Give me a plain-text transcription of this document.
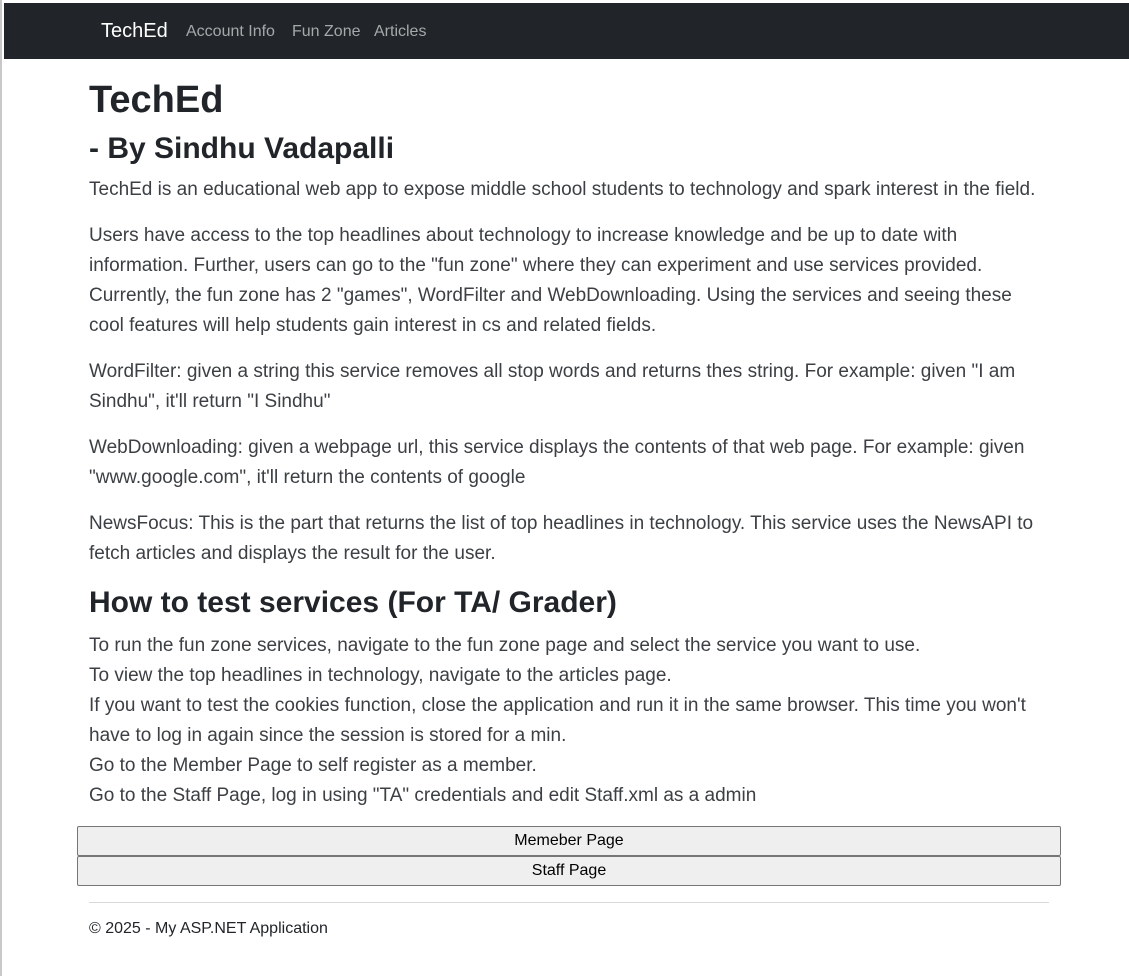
TechEd Account Info Fun Zone Articles
TechEd
- By Sindhu Vadapalli

TechEd is an educational web app to expose middle school students to technology and spark interest in the field.

Users have access to the top headlines about technology to increase knowledge and be up to date with information. Further, users can go to the "fun zone" where they can experiment and use services provided. Currently, the fun zone has 2 "games", WordFilter and WebDownloading. Using the services and seeing these cool features will help students gain interest in cs and related fields.

WordFilter: given a string this service removes all stop words and returns thes string. For example: given "I am Sindhu", it'll return "I Sindhu"

WebDownloading: given a webpage url, this service displays the contents of that web page. For example: given "www.google.com", it'll return the contents of google

NewsFocus: This is the part that returns the list of top headlines in technology. This service uses the NewsAPI to fetch articles and displays the result for the user.

How to test services (For TA/ Grader)
To run the fun zone services, navigate to the fun zone page and select the service you want to use.
To view the top headlines in technology, navigate to the articles page.
If you want to test the cookies function, close the application and run it in the same browser. This time you won't have to log in again since the session is stored for a min.
Go to the Member Page to self register as a member.
Go to the Staff Page, log in using "TA" credentials and edit Staff.xml as a admin
Memeber Page
Staff Page
© 2025 - My ASP.NET Application
